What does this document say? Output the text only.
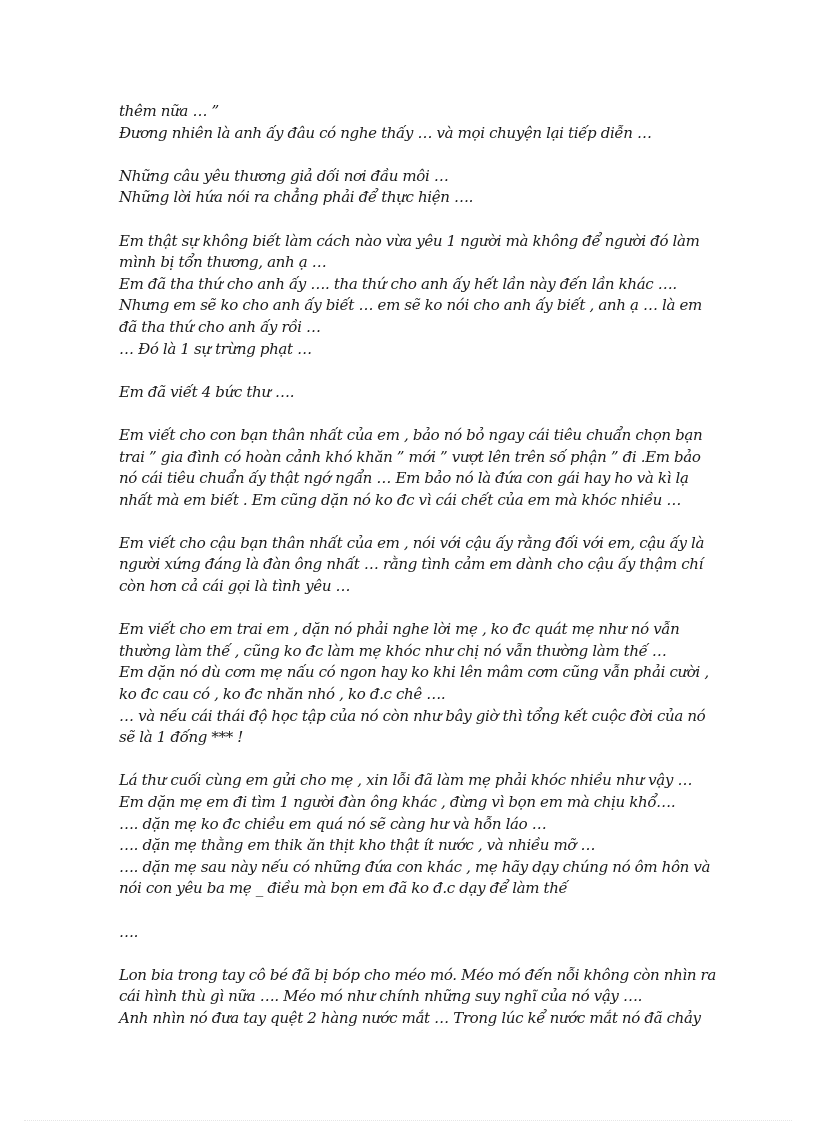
thêm nữa … ”
Đương nhiên là anh ấy đâu có nghe thấy … và mọi chuyện lại tiếp diễn …
Những câu yêu thương giả dối nơi đầu môi …
Những lời hứa nói ra chẳng phải để thực hiện ….
Em thật sự không biết làm cách nào vừa yêu 1 người mà không để người đó làm
mình bị tổn thương, anh ạ …
Em đã tha thứ cho anh ấy …. tha thứ cho anh ấy hết lần này đến lần khác ….
Nhưng em sẽ ko cho anh ấy biết … em sẽ ko nói cho anh ấy biết , anh ạ … là em
đã tha thứ cho anh ấy rồi …
… Đó là 1 sự trừng phạt …
Em đã viết 4 bức thư ….
Em viết cho con bạn thân nhất của em , bảo nó bỏ ngay cái tiêu chuẩn chọn bạn
trai ” gia đình có hoàn cảnh khó khăn ” mới ” vượt lên trên số phận ” đi .Em bảo
nó cái tiêu chuẩn ấy thật ngớ ngẩn … Em bảo nó là đứa con gái hay ho và kì lạ
nhất mà em biết . Em cũng dặn nó ko đc vì cái chết của em mà khóc nhiều …
Em viết cho cậu bạn thân nhất của em , nói với cậu ấy rằng đối với em, cậu ấy là
người xứng đáng là đàn ông nhất … rằng tình cảm em dành cho cậu ấy thậm chí
còn hơn cả cái gọi là tình yêu …
Em viết cho em trai em , dặn nó phải nghe lời mẹ , ko đc quát mẹ như nó vẫn
thường làm thế , cũng ko đc làm mẹ khóc như chị nó vẫn thường làm thế …
Em dặn nó dù cơm mẹ nấu có ngon hay ko khi lên mâm cơm cũng vẫn phải cười ,
ko đc cau có , ko đc nhăn nhó , ko đ.c chê ….
… và nếu cái thái độ học tập của nó còn như bây giờ thì tổng kết cuộc đời của nó
sẽ là 1 đống *** !
Lá thư cuối cùng em gửi cho mẹ , xin lỗi đã làm mẹ phải khóc nhiều như vậy …
Em dặn mẹ em đi tìm 1 người đàn ông khác , đừng vì bọn em mà chịu khổ….
…. dặn mẹ ko đc chiều em quá nó sẽ càng hư và hỗn láo …
…. dặn mẹ thằng em thik ăn thịt kho thật ít nước , và nhiều mỡ …
…. dặn mẹ sau này nếu có những đứa con khác , mẹ hãy dạy chúng nó ôm hôn và
nói con yêu ba mẹ _ điều mà bọn em đã ko đ.c dạy để làm thế
….
Lon bia trong tay cô bé đã bị bóp cho méo mó. Méo mó đến nỗi không còn nhìn ra
cái hình thù gì nữa …. Méo mó như chính những suy nghĩ của nó vậy ….
Anh nhìn nó đưa tay quệt 2 hàng nước mắt … Trong lúc kể nước mắt nó đã chảy
